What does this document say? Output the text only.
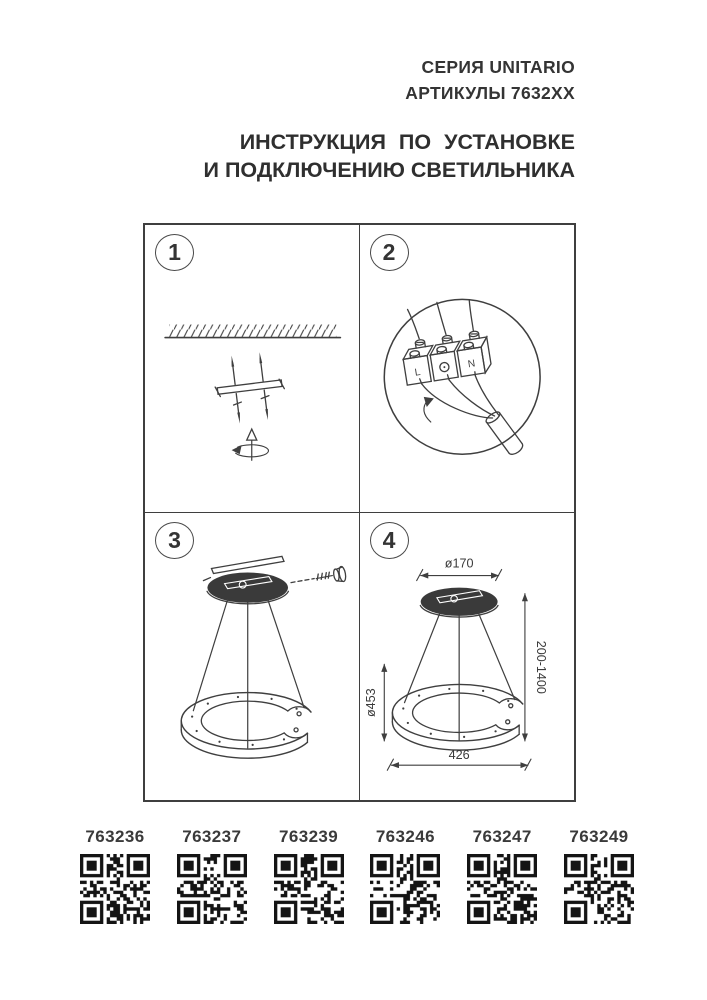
СЕРИЯ UNITARIO
АРТИКУЛЫ 7632XX
ИНСТРУКЦИЯ ПО УСТАНОВКЕ
И ПОДКЛЮЧЕНИЮ СВЕТИЛЬНИКА
1	2
L
N
3	4
ø170
200-1400
ø453
426
763236	763237	763239	763246	763247	763249
